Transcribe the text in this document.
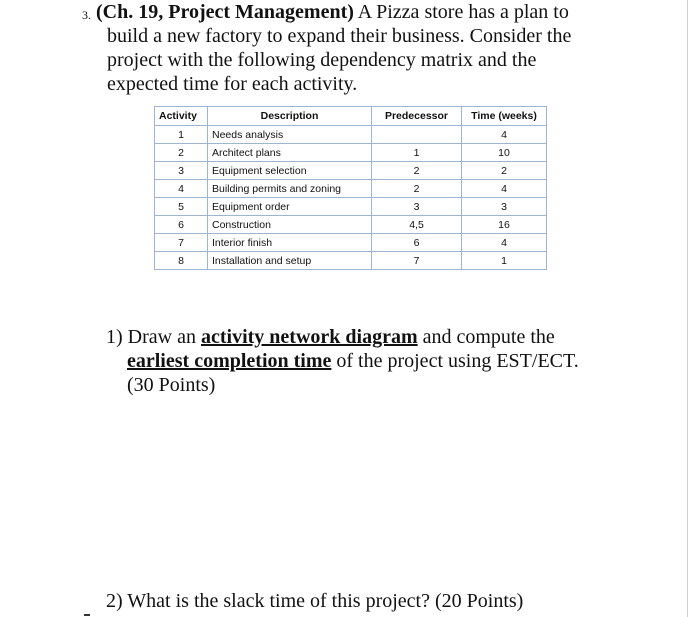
3. (Ch. 19, Project Management) A Pizza store has a plan to
build a new factory to expand their business. Consider the
project with the following dependency matrix and the
expected time for each activity.
Activity	Description	Predecessor	Time (weeks)
1	Needs analysis		4
2	Architect plans	1	10
3	Equipment selection	2	2
4	Building permits and zoning	2	4
5	Equipment order	3	3
6	Construction	4,5	16
7	Interior finish	6	4
8	Installation and setup	7	1
1) Draw an activity network diagram and compute the
earliest completion time of the project using EST/ECT.
(30 Points)
2) What is the slack time of this project? (20 Points)
